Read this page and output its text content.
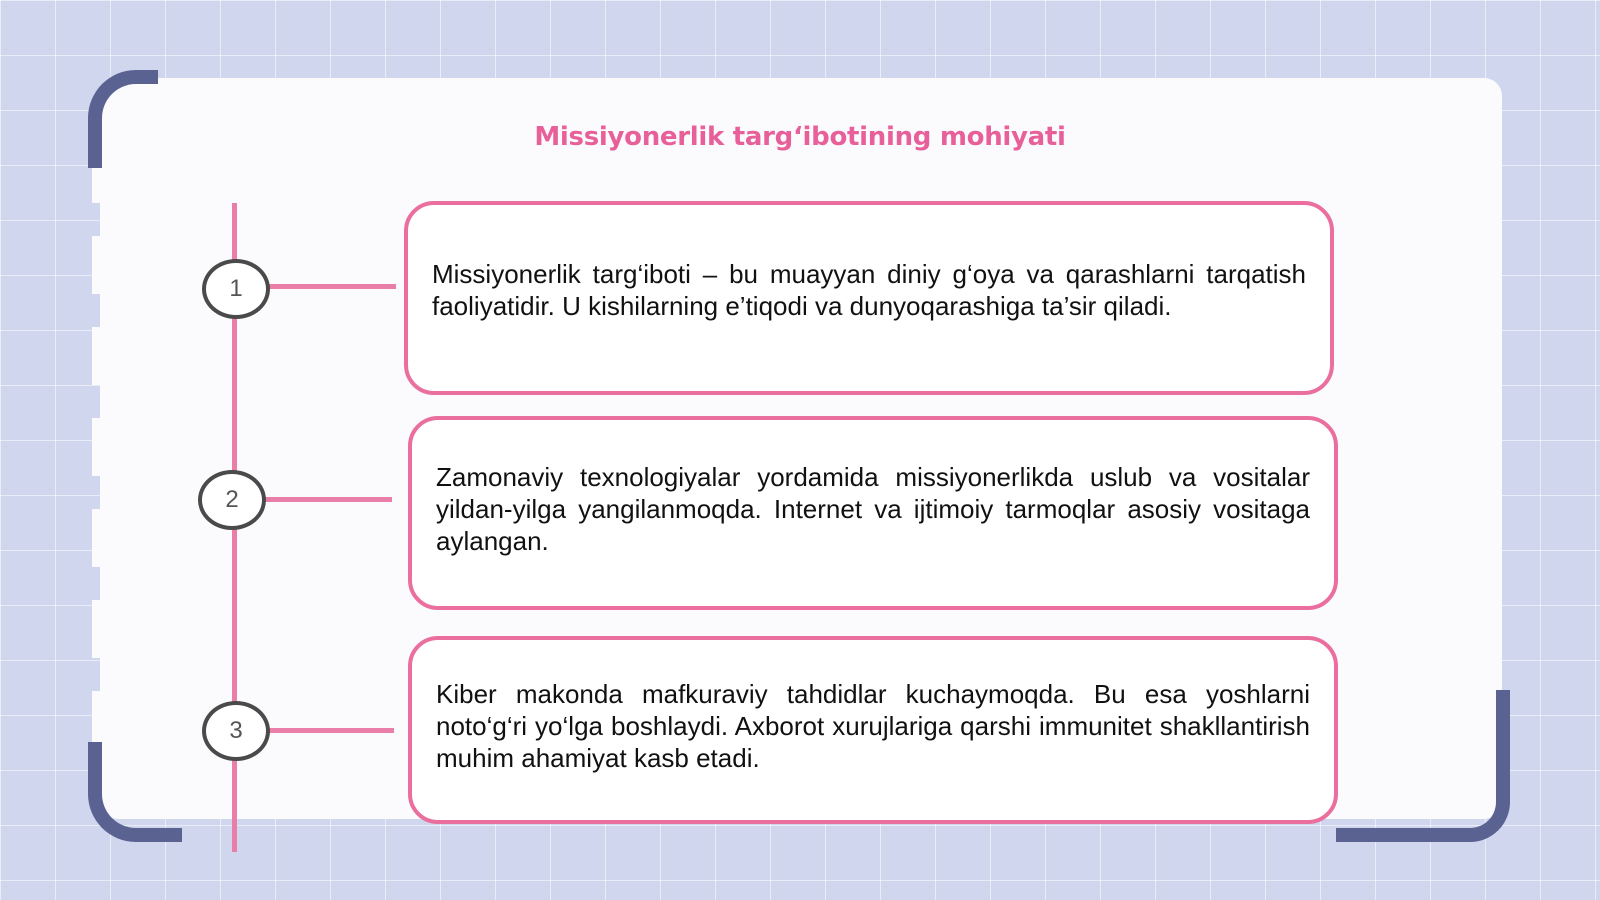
Missiyonerlik targ‘ibotining mohiyati
1
2
3
Missiyonerlik targ‘iboti – bu muayyan diniy g‘oya va qarashlarni tarqatish faoliyatidir. U kishilarning e’tiqodi va dunyoqarashiga ta’sir qiladi.
Zamonaviy texnologiyalar yordamida missiyonerlikda uslub va vositalar yildan-yilga yangilanmoqda. Internet va ijtimoiy tarmoqlar asosiy vositaga aylangan.
Kiber makonda mafkuraviy tahdidlar kuchaymoqda. Bu esa yoshlarni noto‘g‘ri yo‘lga boshlaydi. Axborot xurujlariga qarshi immunitet shakllantirish muhim ahamiyat kasb etadi.
